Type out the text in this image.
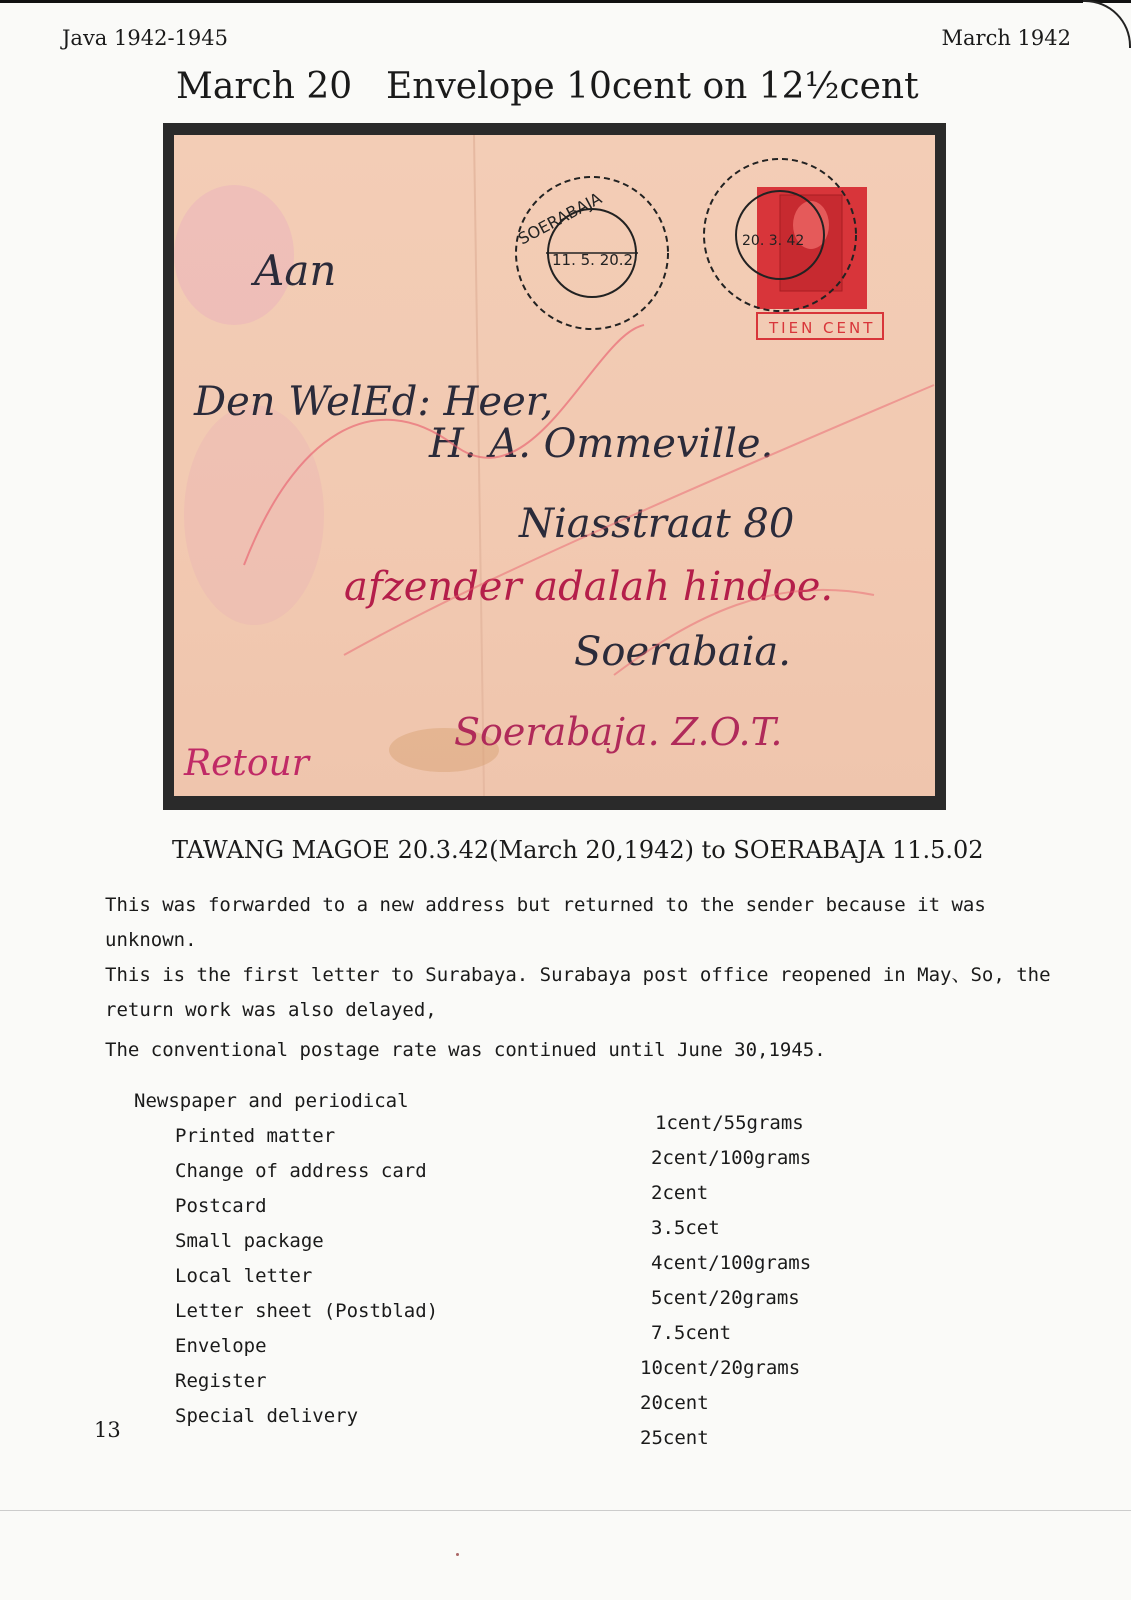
Java 1942-1945	March 1942
March 20 Envelope 10cent on 12½cent
SOERABAJA
11. 5. 20.2
TIEN CENT
20. 3. 42
Aan
Den WelEd: Heer,
H. A. Ommeville.
Niasstraat 80
Soerabaia.
Soerabaja. Z.O.T.
afzender adalah hindoe.
Retour
TAWANG MAGOE 20.3.42(March 20,1942) to SOERABAJA 11.5.02

This was forwarded to a new address but returned to the sender because it was unknown.

This is the first letter to Surabaya. Surabaya post office reopened in May、So, the

return work was also delayed,

The conventional postage rate was continued until June 30,1945.

Newspaper and periodical

1cent/55grams

Printed matter

2cent/100grams

Change of address card

2cent

Postcard

3.5cet

Small package

4cent/100grams

Local letter

5cent/20grams

Letter sheet (Postblad)

7.5cent

Envelope

10cent/20grams

Register

20cent

Special delivery

25cent

13
